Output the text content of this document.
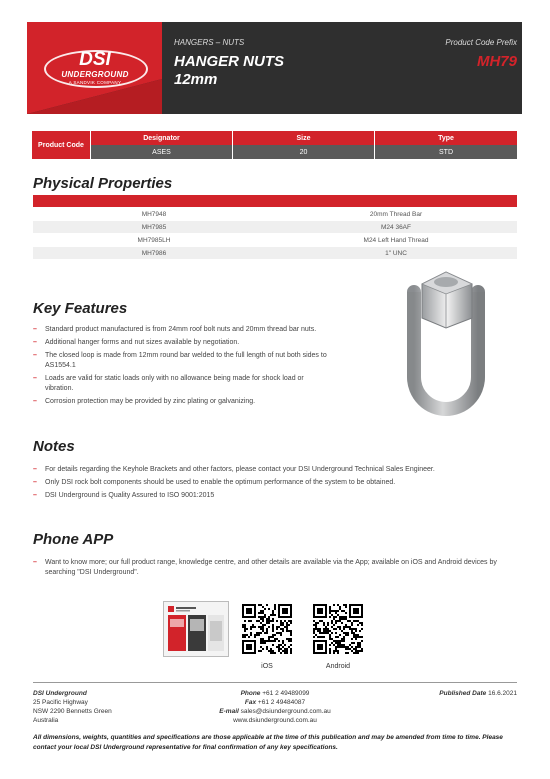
DSI
UNDERGROUND
A SANDVIK COMPANY
HANGERS – NUTS
HANGER NUTS
12mm
Product Code Prefix
MH79
Product Code
Designator	Size	Type
ASES	20	STD
Physical Properties
MH7948	20mm Thread Bar
MH7985	M24 36AF
MH7985LH	M24 Left Hand Thread
MH7986	1" UNC
Key Features
– Standard product manufactured is from 24mm roof bolt nuts and 20mm thread bar nuts.
– Additional hanger forms and nut sizes available by negotiation.
– The closed loop is made from 12mm round bar welded to the full length of nut both sides to AS1554.1
– Loads are valid for static loads only with no allowance being made for shock load or vibration.
– Corrosion protection may be provided by zinc plating or galvanizing.
Notes
– For details regarding the Keyhole Brackets and other factors, please contact your DSI Underground Technical Sales Engineer.
– Only DSI rock bolt components should be used to enable the optimum performance of the system to be obtained.
– DSI Underground is Quality Assured to ISO 9001:2015
Phone APP
– Want to know more; our full product range, knowledge centre, and other details are available via the App; available on iOS and Android devices by searching "DSI Underground".
iOS	Android
DSI Underground
25 Pacific Highway
NSW 2290 Bennetts Green
Australia
Phone +61 2 49489099
Fax +61 2 49484087
E-mail sales@dsiunderground.com.au
www.dsiunderground.com.au
Published Date 16.6.2021
All dimensions, weights, quantities and specifications are those applicable at the time of this publication and may be amended from time to time. Please contact your local DSI Underground representative for final confirmation of any key specifications.
